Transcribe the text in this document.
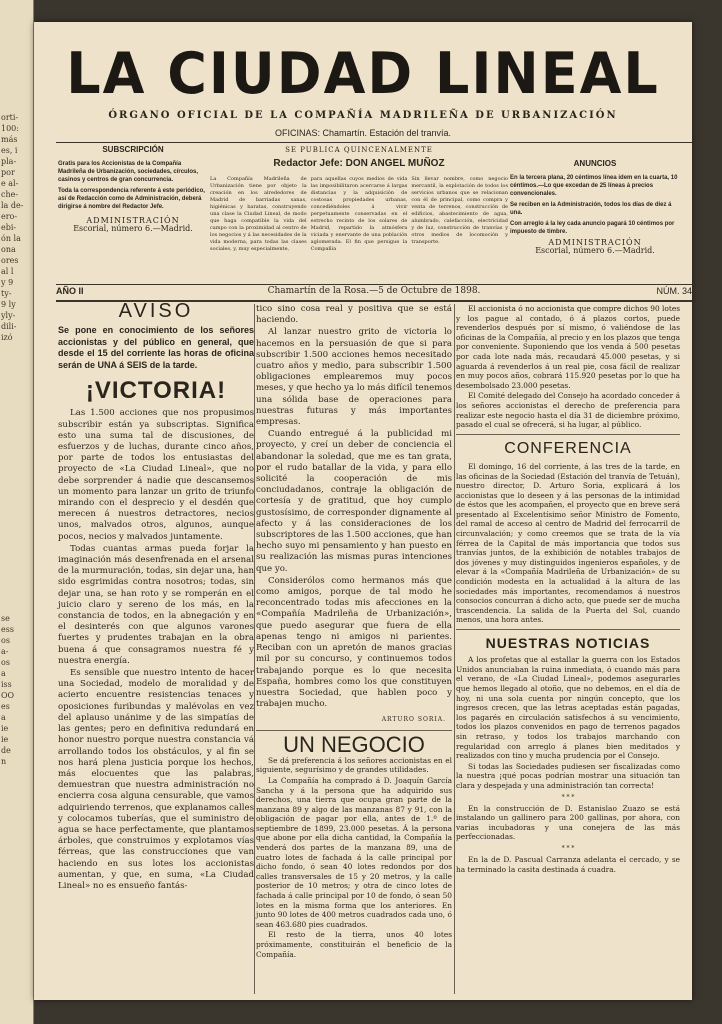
orti-
100:
más
es, i
pla-
por
e al-
che-
la de-
ero-
ebi-
ón la
ona
ores
al l
y 9
ty-
9 ly
yly-
dili-
izó
se
ess
os
a-
os
a
iss
OO
es
a
ie
ie
de
n
LA CIUDAD LINEAL
ÓRGANO OFICIAL DE LA COMPAÑÍA MADRILEÑA DE URBANIZACIÓN
OFICINAS: Chamartín. Estación del tranvía.
SUBSCRIPCIÓN
Gratis para los Accionistas de la Compañía Madrileña de Urbanización, sociedades, círculos, casinos y centros de gran concurrencia.
Toda la correspondencia referente á este periódico, así de Redacción como de Administración, deberá dirigirse á nombre del Redactor Jefe.
ADMINISTRACIÓN
Escorial, número 6.—Madrid.
SE PUBLICA QUINCENALMENTE
Redactor Jefe: DON ANGEL MUÑOZ
La Compañía Madrileña de Urbanización tiene por objeto la creación en los alrededores de Madrid de barriadas sanas, higiénicas y baratas, construyendo una clase la Ciudad Lineal, de modo que haga compatible la vida del campo con la proximidad al centro de los negocios y á las necesidades de la vida moderna, para todas las clases sociales, y, muy especialmente,
para aquellas cuyos medios de vida las imposibilitaron acercarse á largas distancias y la adquisición de costosas propiedades urbanas, concediéndoles á vivir perpetuamente conservadas en el estrecho recinto de los solares de Madrid, repartido la atmósfera viciada y enervante de una población aglomerada. El fin que persigue la Compañía
Sin llevar nombre, como negocio mercantil, la explotación de todos los servicios urbanos que se relacionan con él de principal, como compra y venta de terrenos, construcción de edificios, abastecimiento de agua, alumbrado, calefacción, electricidad y de luz, construcción de tranvías y otros medios de locomoción y transporte.
ANUNCIOS
En la tercera plana, 20 céntimos línea idem en la cuarta, 10 céntimos.—Lo que excedan de 25 líneas á precios convencionales.
Se reciben en la Administración, todos los días de diez á una.
Con arreglo á la ley cada anuncio pagará 10 céntimos por impuesto de timbre.
ADMINISTRACIÓN
Escorial, número 6.—Madrid.
AÑO II	Chamartín de la Rosa.—5 de Octubre de 1898.	NÚM. 34
AVISO
Se pone en conocimiento de los señores accionistas y del público en general, que desde el 15 del corriente las horas de oficina serán de UNA á SEIS de la tarde.
¡VICTORIA!

Las 1.500 acciones que nos propusimos subscribir están ya subscriptas. Significa esto una suma tal de discusiones, de esfuerzos y de luchas, durante cinco años, por parte de todos los entusiastas del proyecto de «La Ciudad Lineal», que no debe sorprender á nadie que descansemos un momento para lanzar un grito de triunfo mirando con el desprecio y el desdén que merecen á nuestros detractores, necios unos, malvados otros, algunos, aunque pocos, necios y malvados juntamente.

Todas cuantas armas pueda forjar la imaginación más desenfrenada en el arsenal de la murmuración, todas, sin dejar una, han sido esgrimidas contra nosotros; todas, sin dejar una, se han roto y se romperán en el juicio claro y sereno de los más, en la constancia de todos, en la abnegación y en el desinterés con que algunos varones fuertes y prudentes trabajan en la obra buena á que consagramos nuestra fé y nuestra energía.

Es sensible que nuestro intento de hacer una Sociedad, modelo de moralidad y de acierto encuentre resistencias tenaces y oposiciones furibundas y malévolas en vez del aplauso unánime y de las simpatías de las gentes; pero en definitiva redundará en honor nuestro porque nuestra constancia vá arrollando todos los obstáculos, y al fin se nos hará plena justicia porque los hechos, más elocuentes que las palabras, demuestran que nuestra administración no encierra cosa alguna censurable, que vamos adquiriendo terrenos, que explanamos calles y colocamos tuberías, que el suministro de agua se hace perfectamente, que plantamos árboles, que construimos y explotamos vías férreas, que las construcciones que van haciendo en sus lotes los accionistas aumentan, y que, en suma, «La Ciudad Lineal» no es ensueño fantás-

tico sino cosa real y positiva que se está haciendo.

Al lanzar nuestro grito de victoria lo hacemos en la persuasión de que si para subscribir 1.500 acciones hemos necesitado cuatro años y medio, para subscribir 1.500 obligaciones emplearemos muy pocos meses, y que hecho ya lo más difícil tenemos una sólida base de operaciones para nuestras futuras y más importantes empresas.

Cuando entregué á la publicidad mi proyecto, y creí un deber de conciencia el abandonar la soledad, que me es tan grata, por el rudo batallar de la vida, y para ello solicité la cooperación de mis conciudadanos, contraje la obligación de cortesía y de gratitud, que hoy cumplo gustosísimo, de corresponder dignamente al afecto y á las consideraciones de los subscriptores de las 1.500 acciones, que han hecho suyo mi pensamiento y han puesto en su realización las mismas puras intenciones que yo.

Considerólos como hermanos más que como amigos, porque de tal modo he reconcentrado todas mis afecciones en la «Compañía Madrileña de Urbanización», que puedo asegurar que fuera de ella apenas tengo ni amigos ni parientes. Reciban con un apretón de manos gracias mil por su concurso, y continuemos todos trabajando porque es lo que necesita España, hombres como los que constituyen nuestra Sociedad, que hablen poco y trabajen mucho.

ARTURO SORIA.
UN NEGOCIO

Se dá preferencia á los señores accionistas en el siguiente, segurísimo y de grandes utilidades.

La Compañía ha comprado á D. Joaquín García Sancha y á la persona que ha adquirido sus derechos, una tierra que ocupa gran parte de la manzana 89 y algo de las manzanas 87 y 91, con la obligación de pagar por ella, antes de 1.º de septiembre de 1899, 23.000 pesetas. Á la persona que abone por ella dicha cantidad, la Compañía la venderá dos partes de la manzana 89, una de cuatro lotes de fachada á la calle principal por dicho fondo, ó sean 40 lotes redondos por dos calles transversales de 15 y 20 metros, y la calle posterior de 10 metros; y otra de cinco lotes de fachada á calle principal por 10 de fondo, ó sean 50 lotes en la misma forma que los anteriores. En junto 90 lotes de 400 metros cuadrados cada uno, ó sean 463.680 pies cuadrados.

El resto de la tierra, unos 40 lotes próximamente, constituirán el beneficio de la Compañía.

El accionista ó no accionista que compre dichos 90 lotes y los pague al contado, ó á plazos cortos, puede revenderlos después por sí mismo, ó valiéndose de las oficinas de la Compañía, al precio y en los plazos que tenga por conveniente. Suponiendo que los venda á 500 pesetas por cada lote nada más, recaudará 45.000 pesetas, y si aguarda á revenderlos á un real pie, cosa fácil de realizar en muy pocos años, cobrará 115.920 pesetas por lo que ha desembolsado 23.000 pesetas.

El Comité delegado del Consejo ha acordado conceder á los señores accionistas el derecho de preferencia para realizar este negocio hasta el día 31 de diciembre próximo, pasado el cual se ofrecerá, si ha lugar, al público.

CONFERENCIA

El domingo, 16 del corriente, á las tres de la tarde, en las oficinas de la Sociedad (Estación del tranvía de Tetuán), nuestro director, D. Arturo Soria, explicará á los accionistas que lo deseen y á las personas de la intimidad de éstos que les acompañen, el proyecto que en breve será presentado al Excelentísimo señor Ministro de Fomento, del ramal de acceso al centro de Madrid del ferrocarril de circunvalación; y como creemos que se trata de la vía férrea de la Capital de más importancia que todos sus tranvías juntos, de la exhibición de notables trabajos de dos jóvenes y muy distinguidos ingenieros españoles, y de elevar á la «Compañía Madrileña de Urbanización» de su condición modesta en la actualidad á la altura de las sociedades más importantes, recomendamos á nuestros consocios concurran á dicho acto, que puede ser de mucha trascendencia. La salida de la Puerta del Sol, cuando menos, una hora antes.

NUESTRAS NOTICIAS

A los profetas que al estallar la guerra con los Estados Unidos anunciaban la ruina inmediata, ó cuando más para el verano, de «La Ciudad Lineal», podemos asegurarles que hemos llegado al otoño, que no debemos, en el día de hoy, ni una sola cuenta por ningún concepto, que los ingresos crecen, que las letras aceptadas están pagadas, los pagarés en circulación satisfechos á su vencimiento, todos los plazos convenidos en pago de terrenos pagados sin retraso, y todos los trabajos marchando con regularidad con arreglo á planes bien meditados y realizados con tino y mucha prudencia por el Consejo.

Si todas las Sociedades pudiesen ser fiscalizadas como la nuestra ¡qué pocas podrían mostrar una situación tan clara y despejada y una administración tan correcta!

* * *

En la construcción de D. Estanislao Zuazo se está instalando un gallinero para 200 gallinas, por ahora, con varias incubadoras y una conejera de las más perfeccionadas.

* * *

En la de D. Pascual Carranza adelanta el cercado, y se ha terminado la casita destinada á cuadra.
